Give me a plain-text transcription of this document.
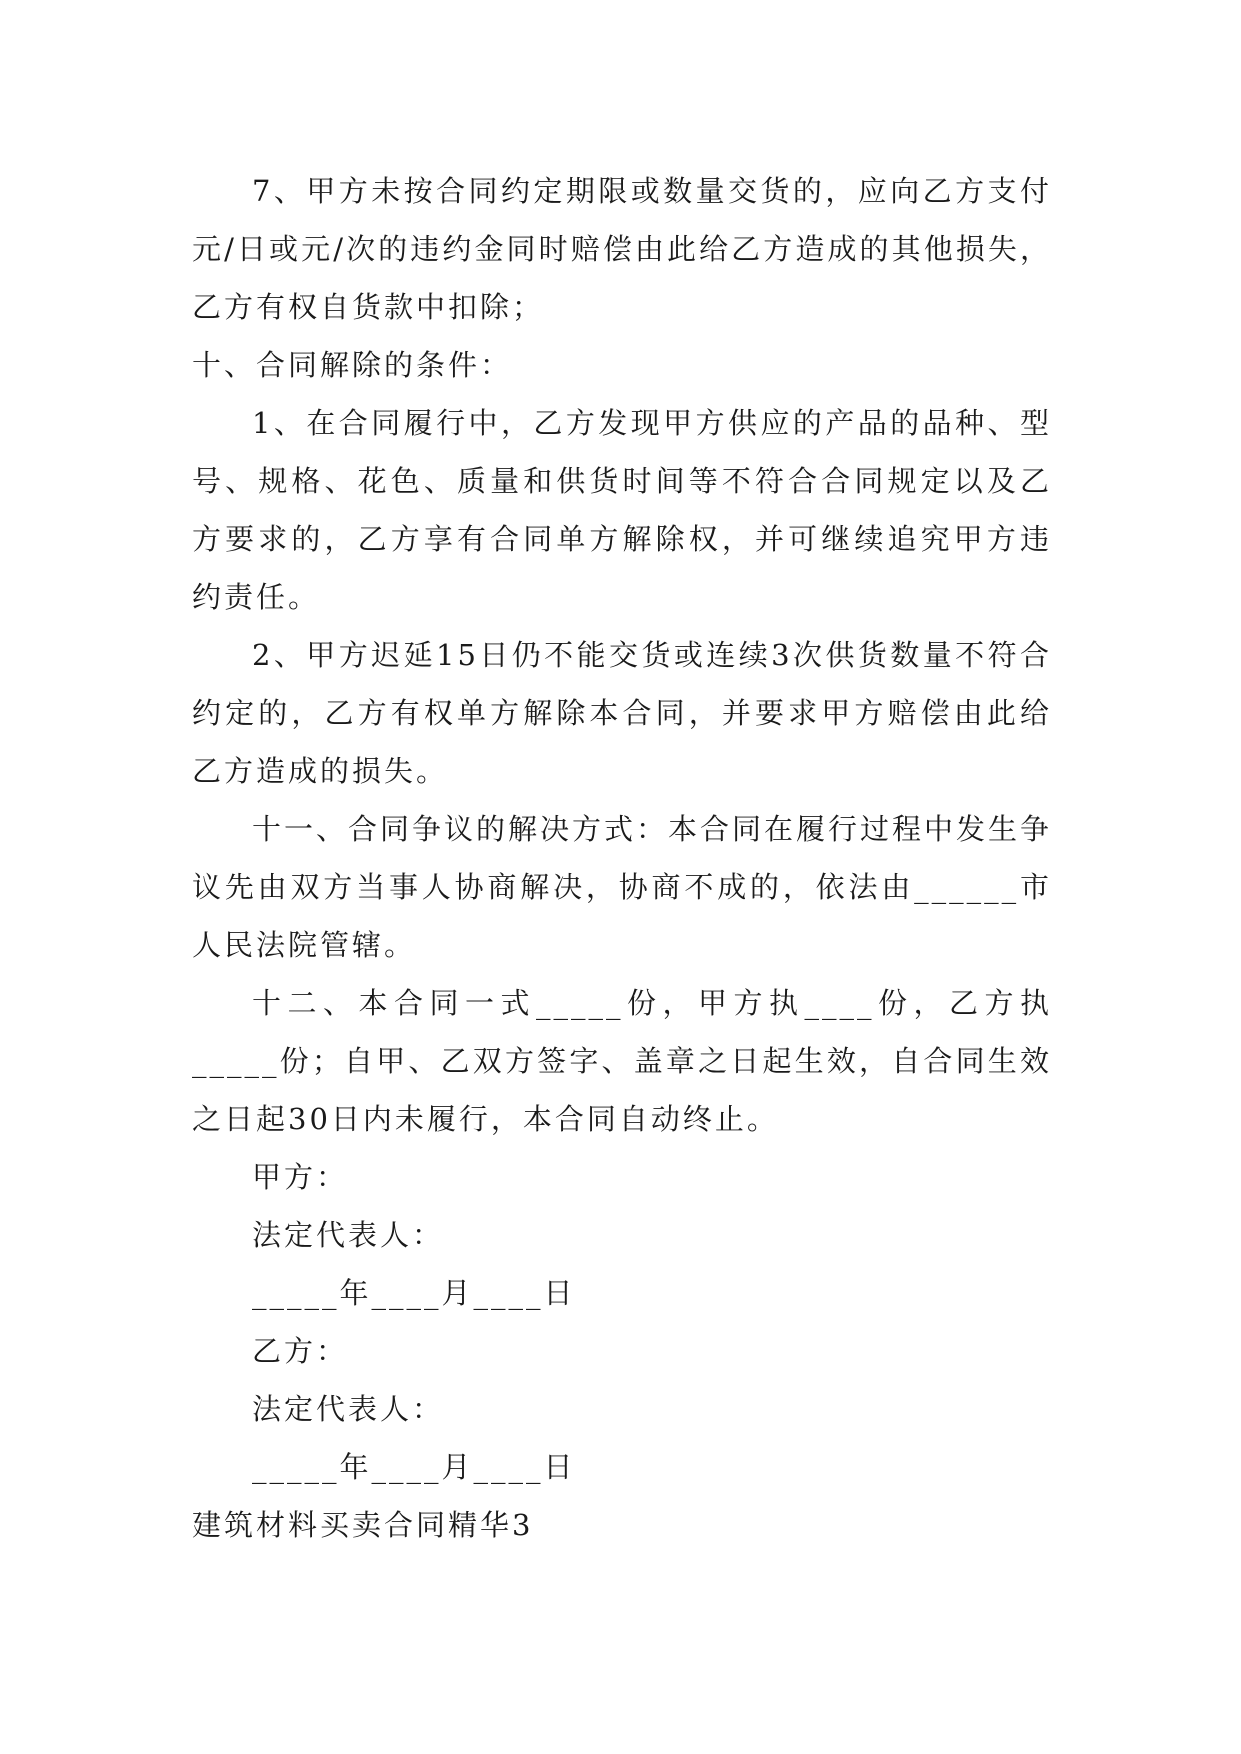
7、甲方未按合同约定期限或数量交货的，应向乙方支付元/日或元/次的违约金同时赔偿由此给乙方造成的其他损失，乙方有权自货款中扣除；

十、合同解除的条件：

1、在合同履行中，乙方发现甲方供应的产品的品种、型号、规格、花色、质量和供货时间等不符合合同规定以及乙方要求的，乙方享有合同单方解除权，并可继续追究甲方违约责任。

2、甲方迟延15日仍不能交货或连续3次供货数量不符合约定的，乙方有权单方解除本合同，并要求甲方赔偿由此给乙方造成的损失。

十一、合同争议的解决方式：本合同在履行过程中发生争议先由双方当事人协商解决，协商不成的，依法由______市人民法院管辖。

十二、本合同一式_____份，甲方执____份，乙方执_____份；自甲、乙双方签字、盖章之日起生效，自合同生效之日起30日内未履行，本合同自动终止。

甲方：

法定代表人：

_____年____月____日

乙方：

法定代表人：

_____年____月____日

建筑材料买卖合同精华3
